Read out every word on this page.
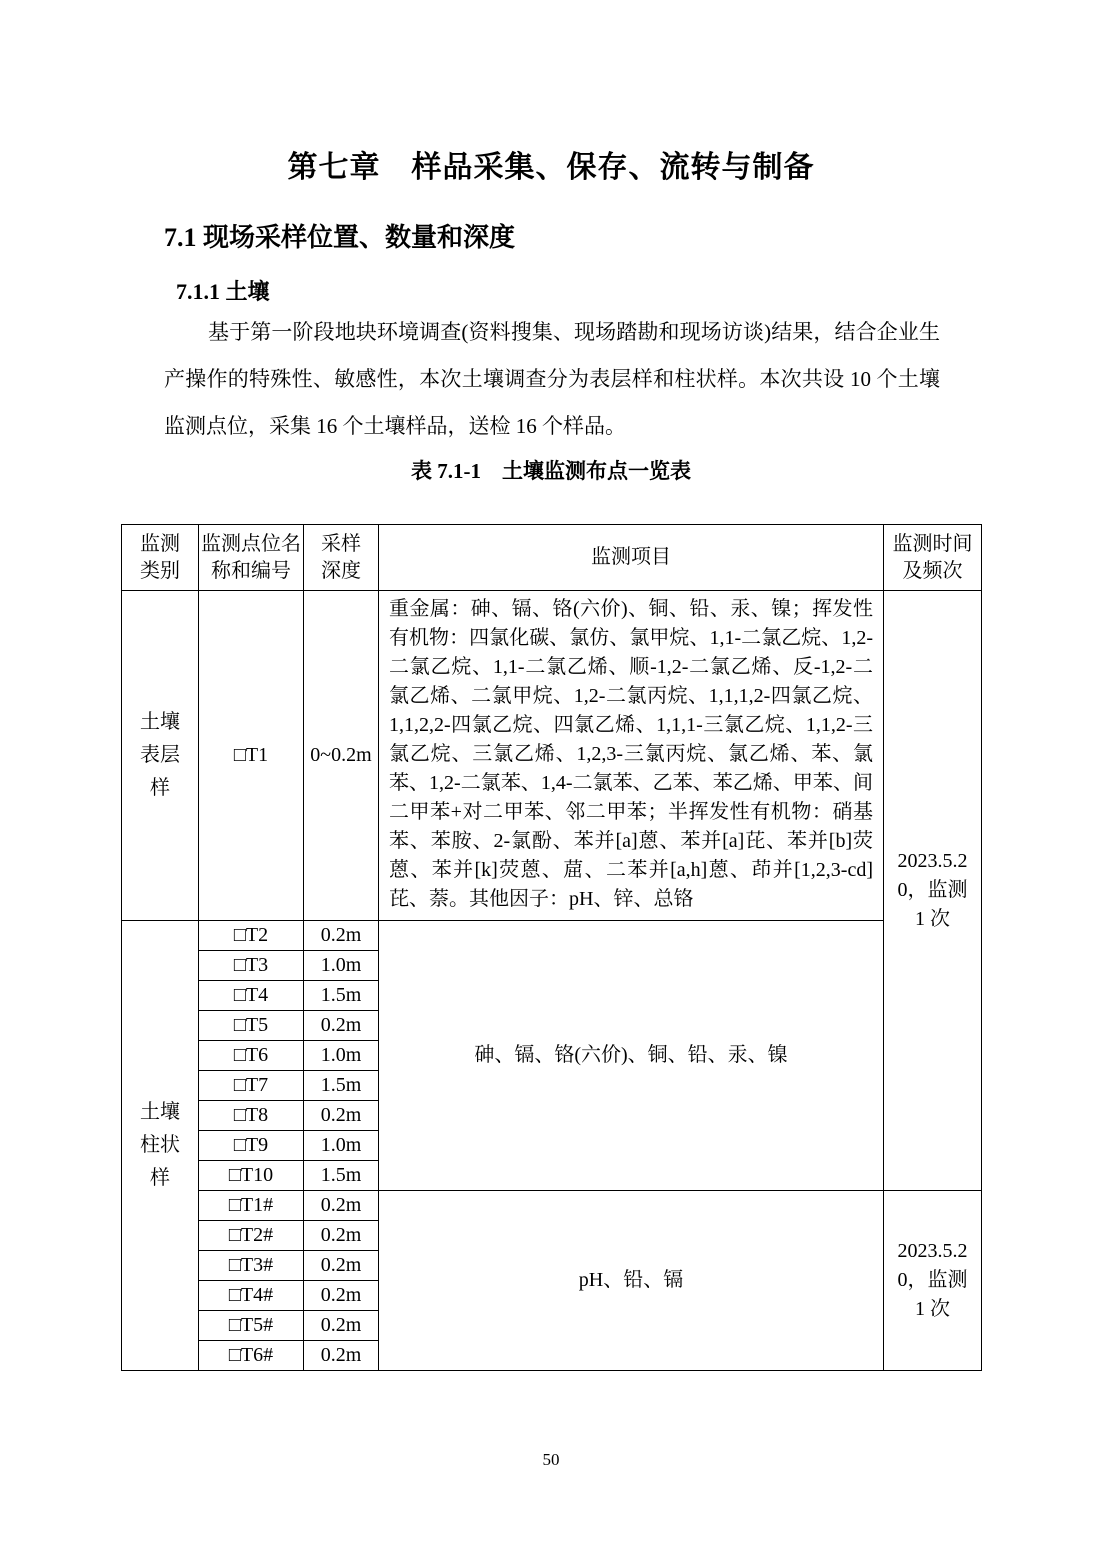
第七章　样品采集、保存、流转与制备
7.1 现场采样位置、数量和深度
7.1.1 土壤

基于第一阶段地块环境调查(资料搜集、现场踏勘和现场访谈)结果，结合企业生产操作的特殊性、敏感性，本次土壤调查分为表层样和柱状样。本次共设 10 个土壤监测点位，采集 16 个土壤样品，送检 16 个样品。

表 7.1-1　土壤监测布点一览表
监测类别	监测点位名称和编号	采样深度	监测项目	监测时间及频次
土壤表层样	□T1	0~0.2m	重金属：砷、镉、铬(六价)、铜、铅、汞、镍；挥发性有机物：四氯化碳、氯仿、氯甲烷、1,1-二氯乙烷、1,2-二氯乙烷、1,1-二氯乙烯、顺-1,2-二氯乙烯、反-1,2-二氯乙烯、二氯甲烷、1,2-二氯丙烷、1,1,1,2-四氯乙烷、1,1,2,2-四氯乙烷、四氯乙烯、1,1,1-三氯乙烷、1,1,2-三氯乙烷、三氯乙烯、1,2,3-三氯丙烷、氯乙烯、苯、氯苯、1,2-二氯苯、1,4-二氯苯、乙苯、苯乙烯、甲苯、间二甲苯+对二甲苯、邻二甲苯；半挥发性有机物：硝基苯、苯胺、2-氯酚、苯并[a]蒽、苯并[a]芘、苯并[b]荧蒽、苯并[k]荧蒽、䓛、二苯并[a,h]蒽、茚并[1,2,3-cd]芘、萘。其他因子：pH、锌、总铬	2023.5.20，监测 1 次
土壤柱状样	□T2	0.2m	砷、镉、铬(六价)、铜、铅、汞、镍	
	□T3	1.0m		
	□T4	1.5m		
	□T5	0.2m		
	□T6	1.0m		
	□T7	1.5m		
	□T8	0.2m		
	□T9	1.0m		
	□T10	1.5m		
	□T1#	0.2m	pH、铅、镉	2023.5.20，监测 1 次
	□T2#	0.2m		
	□T3#	0.2m		
	□T4#	0.2m		
	□T5#	0.2m		
	□T6#	0.2m		
50
